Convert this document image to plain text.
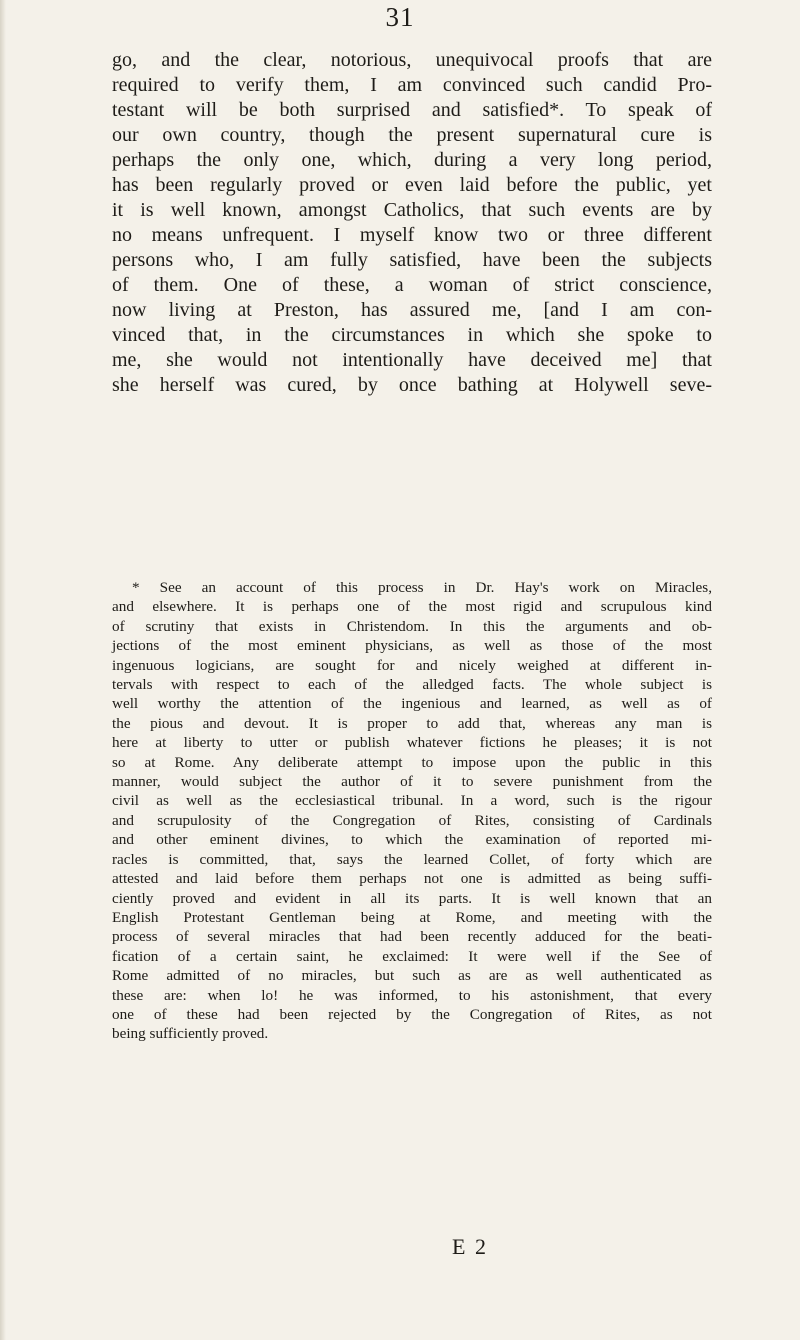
31

go, and the clear, notorious, unequivocal proofs that are
required to verify them, I am convinced such candid Pro-
testant will be both surprised and satisfied*. To speak of
our own country, though the present supernatural cure is
perhaps the only one, which, during a very long period,
has been regularly proved or even laid before the public, yet
it is well known, amongst Catholics, that such events are by
no means unfrequent. I myself know two or three different
persons who, I am fully satisfied, have been the subjects
of them. One of these, a woman of strict conscience,
now living at Preston, has assured me, [and I am con-
vinced that, in the circumstances in which she spoke to
me, she would not intentionally have deceived me] that
she herself was cured, by once bathing at Holywell seve-

* See an account of this process in Dr. Hay's work on Miracles,
and elsewhere. It is perhaps one of the most rigid and scrupulous kind
of scrutiny that exists in Christendom. In this the arguments and ob-
jections of the most eminent physicians, as well as those of the most
ingenuous logicians, are sought for and nicely weighed at different in-
tervals with respect to each of the alledged facts. The whole subject is
well worthy the attention of the ingenious and learned, as well as of
the pious and devout. It is proper to add that, whereas any man is
here at liberty to utter or publish whatever fictions he pleases; it is not
so at Rome. Any deliberate attempt to impose upon the public in this
manner, would subject the author of it to severe punishment from the
civil as well as the ecclesiastical tribunal. In a word, such is the rigour
and scrupulosity of the Congregation of Rites, consisting of Cardinals
and other eminent divines, to which the examination of reported mi-
racles is committed, that, says the learned Collet, of forty which are
attested and laid before them perhaps not one is admitted as being suffi-
ciently proved and evident in all its parts. It is well known that an
English Protestant Gentleman being at Rome, and meeting with the
process of several miracles that had been recently adduced for the beati-
fication of a certain saint, he exclaimed: It were well if the See of
Rome admitted of no miracles, but such as are as well authenticated as
these are: when lo! he was informed, to his astonishment, that every
one of these had been rejected by the Congregation of Rites, as not
being sufficiently proved.

E 2
